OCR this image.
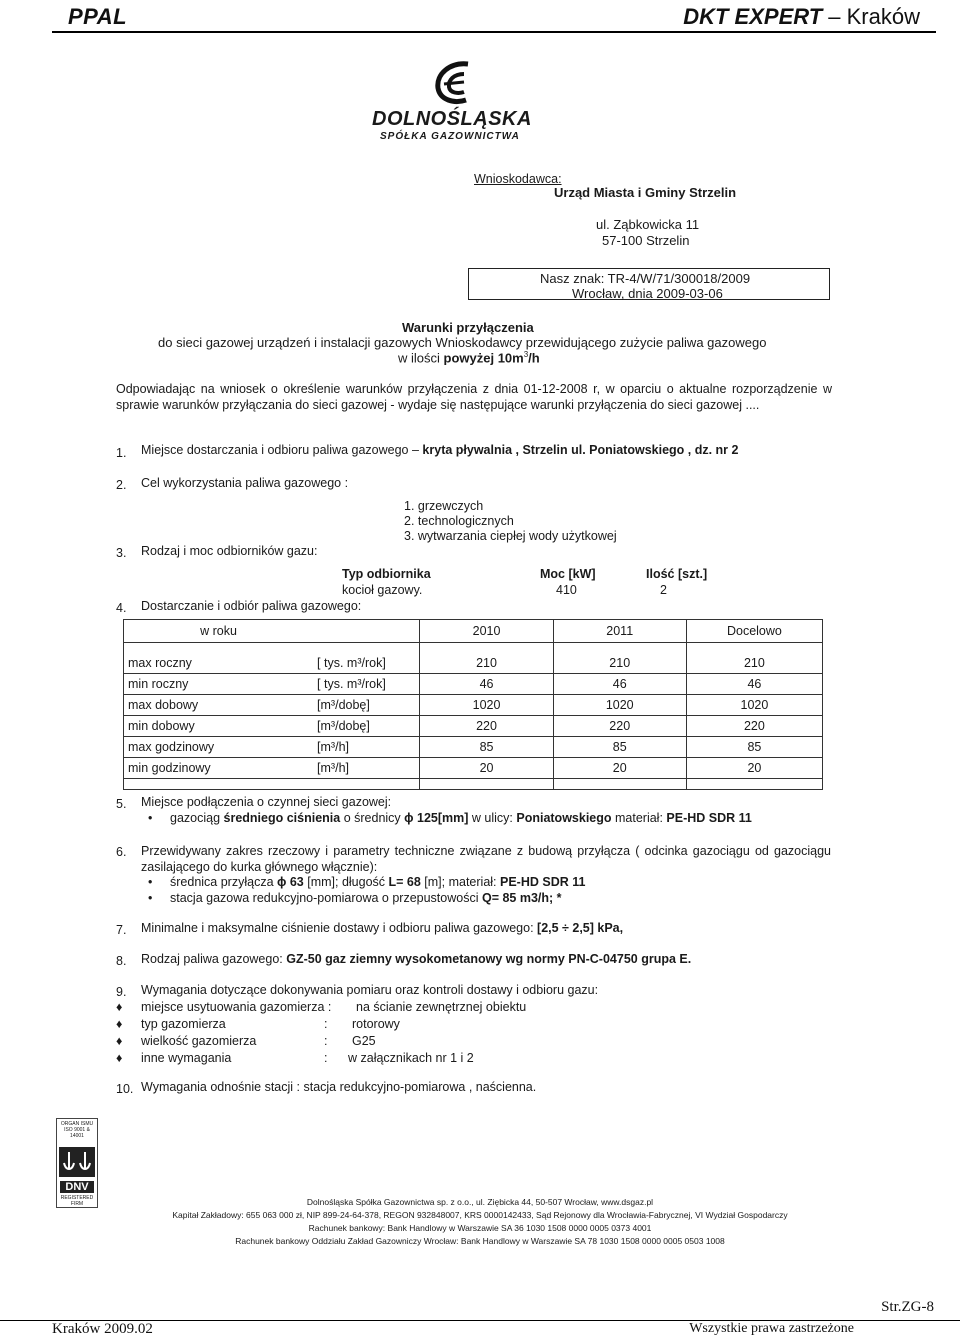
PPAL	DKT EXPERT – Kraków
DOLNOŚLĄSKA
SPÓŁKA GAZOWNICTWA
Wnioskodawca:
Urząd Miasta i Gminy Strzelin
ul. Ząbkowicka 11
57-100 Strzelin
Nasz znak: TR-4/W/71/300018/2009
Wrocław, dnia 2009-03-06
Warunki przyłączenia
do sieci gazowej urządzeń i instalacji gazowych Wnioskodawcy przewidującego zużycie paliwa gazowego
w ilości powyżej $10m^3/h$
Odpowiadając na wniosek o określenie warunków przyłączenia z dnia 01-12-2008 r, w oparciu o aktualne rozporządzenie w sprawie warunków przyłączania do sieci gazowej - wydaje się następujące warunki przyłączenia do sieci gazowej ....
1. Miejsce dostarczania i odbioru paliwa gazowego – kryta pływalnia , Strzelin ul. Poniatowskiego , dz. nr 2
2. Cel wykorzystania paliwa gazowego :
1. grzewczych
2. technologicznych
3. wytwarzania ciepłej wody użytkowej
3. Rodzaj i moc odbiorników gazu:
Typ odbiornika	Moc [kW]	Ilość [szt.]
kocioł gazowy.	410	2
4. Dostarczanie i odbiór paliwa gazowego:
w roku		2010	2011	Docelowo

max roczny	[ tys. m³/rok]	210	210	210
min roczny	[ tys. m³/rok]	46	46	46
max dobowy	[m³/dobę]	1020	1020	1020
min dobowy	[m³/dobę]	220	220	220
max godzinowy	[m³/h]	85	85	85
min godzinowy	[m³/h]	20	20	20

5. Miejsce podłączenia o czynnej sieci gazowej:
• gazociąg średniego ciśnienia o średnicy ϕ 125[mm] w ulicy: Poniatowskiego materiał: PE-HD SDR 11
6. Przewidywany zakres rzeczowy i parametry techniczne związane z budową przyłącza ( odcinka gazociągu od gazociągu zasilającego do kurka głównego włącznie):
• średnica przyłącza ϕ 63 [mm]; długość L= 68 [m]; materiał: PE-HD SDR 11
• stacja gazowa redukcyjno-pomiarowa o przepustowości Q= 85 m3/h; *
7. Minimalne i maksymalne ciśnienie dostawy i odbioru paliwa gazowego: [2,5 ÷ 2,5] kPa,
8. Rodzaj paliwa gazowego: GZ-50 gaz ziemny wysokometanowy wg normy PN-C-04750 grupa E.
9. Wymagania dotyczące dokonywania pomiaru oraz kontroli dostawy i odbioru gazu:
♦ miejsce usytuowania gazomierza : na ścianie zewnętrznej obiektu
♦ typ gazomierza	: rotorowy
♦ wielkość gazomierza	: G25
♦ inne wymagania	: w załącznikach nr 1 i 2
10. Wymagania odnośnie stacji : stacja redukcyjno-pomiarowa , naścienna.
ORGAN ISMU ISO 9001 & 14001
DNV
REGISTERED FIRM	Dolnośląska Spółka Gazownictwa sp. z o.o., ul. Ziębicka 44, 50-507 Wrocław, www.dsgaz.pl
Kapitał Zakładowy: 655 063 000 zł, NIP 899-24-64-378, REGON 932848007, KRS 0000142433, Sąd Rejonowy dla Wrocławia-Fabrycznej, VI Wydział Gospodarczy
Rachunek bankowy: Bank Handlowy w Warszawie SA 36 1030 1508 0000 0005 0373 4001
Rachunek bankowy Oddziału Zakład Gazowniczy Wrocław: Bank Handlowy w Warszawie SA 78 1030 1508 0000 0005 0503 1008
Str.ZG-8
Kraków 2009.02	Wszystkie prawa zastrzeżone
